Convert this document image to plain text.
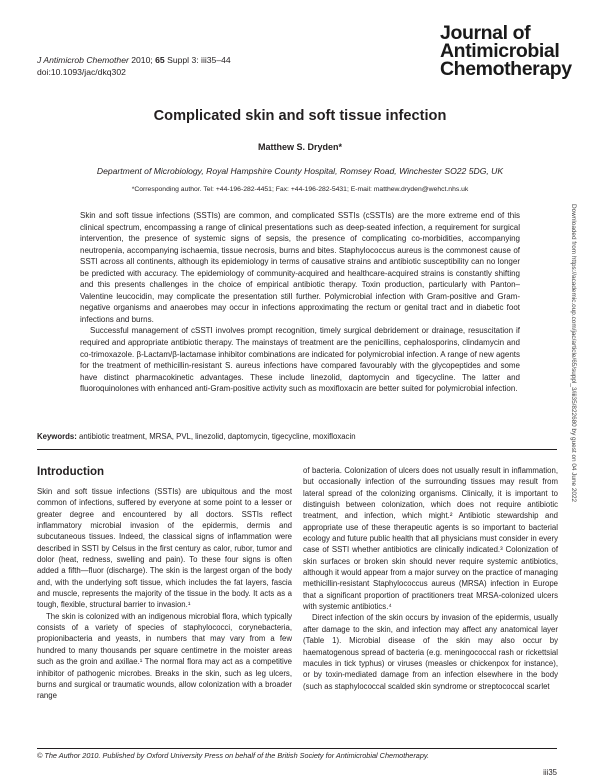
J Antimicrob Chemother 2010; 65 Suppl 3: iii35–44
doi:10.1093/jac/dkq302
Journal of
Antimicrobial
Chemotherapy
Complicated skin and soft tissue infection
Matthew S. Dryden*
Department of Microbiology, Royal Hampshire County Hospital, Romsey Road, Winchester SO22 5DG, UK
*Corresponding author. Tel: +44-196-282-4451; Fax: +44-196-282-5431; E-mail: matthew.dryden@wehct.nhs.uk

Skin and soft tissue infections (SSTIs) are common, and complicated SSTIs (cSSTIs) are the more extreme end of this clinical spectrum, encompassing a range of clinical presentations such as deep-seated infection, a requirement for surgical intervention, the presence of systemic signs of sepsis, the presence of complicating co-morbidities, accompanying neutropenia, accompanying ischaemia, tissue necrosis, burns and bites. Staphylococcus aureus is the commonest cause of SSTI across all continents, although its epidemiology in terms of causative strains and antibiotic susceptibility can no longer be predicted with accuracy. The epidemiology of community-acquired and healthcare-acquired strains is constantly shifting and this presents challenges in the choice of empirical antibiotic therapy. Toxin production, particularly with Panton–Valentine leucocidin, may complicate the presentation still further. Polymicrobial infection with Gram-positive and Gram-negative organisms and anaerobes may occur in infections approximating the rectum or genital tract and in diabetic foot infections and burns.

Successful management of cSSTI involves prompt recognition, timely surgical debridement or drainage, resuscitation if required and appropriate antibiotic therapy. The mainstays of treatment are the penicillins, cephalosporins, clindamycin and co-trimoxazole. β-Lactam/β-lactamase inhibitor combinations are indicated for polymicrobial infection. A range of new agents for the treatment of methicillin-resistant S. aureus infections have compared favourably with the glycopeptides and some have distinct pharmacokinetic advantages. These include linezolid, daptomycin and tigecycline. The latter and fluoroquinolones with enhanced anti-Gram-positive activity such as moxifloxacin are better suited for polymicrobial infection.

Keywords: antibiotic treatment, MRSA, PVL, linezolid, daptomycin, tigecycline, moxifloxacin
Introduction

Skin and soft tissue infections (SSTIs) are ubiquitous and the most common of infections, suffered by everyone at some point to a lesser or greater degree and encountered by all doctors. SSTIs reflect inflammatory microbial invasion of the epidermis, dermis and subcutaneous tissues. Indeed, the classical signs of inflammation were described in SSTI by Celsus in the first century as calor, rubor, tumor and dolor (heat, redness, swelling and pain). To these four signs is often added a fifth—fluor (discharge). The skin is the largest organ of the body and, with the underlying soft tissue, which includes the fat layers, fascia and muscle, represents the majority of the tissue in the body. It acts as a tough, flexible, structural barrier to invasion.¹

The skin is colonized with an indigenous microbial flora, which typically consists of a variety of species of staphylococci, corynebacteria, propionibacteria and yeasts, in numbers that may vary from a few hundred to many thousands per square centimetre in the moister areas such as the groin and axillae.¹ The normal flora may act as a competitive inhibitor of pathogenic microbes. Breaks in the skin, such as leg ulcers, burns and surgical or traumatic wounds, allow colonization with a broader range

of bacteria. Colonization of ulcers does not usually result in inflammation, but occasionally infection of the surrounding tissues may result from lateral spread of the colonizing organisms. Clinically, it is important to distinguish between colonization, which does not require antibiotic treatment, and infection, which might.² Antibiotic stewardship and appropriate use of these therapeutic agents is so important to bacterial ecology and future public health that all physicians must consider in every case of SSTI whether antibiotics are clinically indicated.³ Colonization of skin surfaces or broken skin should never require systemic antibiotics, although it would appear from a major survey on the practice of managing methicillin-resistant Staphylococcus aureus (MRSA) infection in Europe that a significant proportion of practitioners treat MRSA-colonized ulcers with systemic antibiotics.⁴

Direct infection of the skin occurs by invasion of the epidermis, usually after damage to the skin, and infection may affect any anatomical layer (Table 1). Microbial disease of the skin may also occur by haematogenous spread of bacteria (e.g. meningococcal rash or rickettsial macules in tick typhus) or viruses (measles or chickenpox for instance), or by toxin-mediated damage from an infection elsewhere in the body (such as staphylococcal scalded skin syndrome or streptococcal scarlet

© The Author 2010. Published by Oxford University Press on behalf of the British Society for Antimicrobial Chemotherapy.
iii35
Downloaded from https://academic.oup.com/jac/article/65/suppl_3/iii35/822680 by guest on 04 June 2022
